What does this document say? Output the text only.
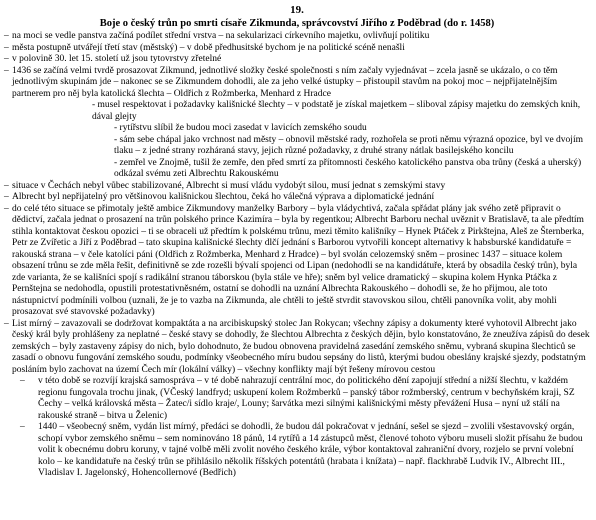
19.
Boje o český trůn po smrti císaře Zikmunda, správcovství Jiřího z Poděbrad (do r. 1458)
– na moci se vedle panstva začíná podílet střední vrstva – na sekularizaci církevního majetku, ovlivňují politiku
– města postupně utvářejí třetí stav (městský) – v době předhusitské bychom je na politické scéně nenašli
– v polovině 30. let 15. století už jsou tytovrstvy zřetelné
– 1436 se začíná velmi tvrdě prosazovat Zikmund, jednotlivé složky české společnosti s ním začaly vyjednávat – zcela jasně se ukázalo, o co těm jednotlivým skupinám jde – nakonec se se Zikmundem dohodli, ale za jeho velké ústupky – přistoupil stavům na pokoj moc – nejpřijatelnějším partnerem pro něj byla katolická šlechta – Oldřich z Rožmberka, Menhard z Hradce
- musel respektovat i požadavky kališnické šlechty – v podstatě je získal majetkem – sliboval zápisy majetku do zemských knih, dával glejty
- rytířstvu slíbil že budou moci zasedat v lavicích zemského soudu
- sám sebe chápal jako vrchnost nad městy – obnovil městské rady, rozhořela se proti němu výrazná opozice, byl ve dvojím tlaku – z jedné strany rozháraná stavy, jejich různé požadavky, z druhé strany nátlak basilejského koncilu
- zemřel ve Znojmě, tušil že zemře, den před smrtí za přítomnosti českého katolického panstva oba trůny (česká a uherský) odkázal svému zeti Albrechtu Rakouskému
– situace v Čechách nebyl vůbec stabilizované, Albrecht si musí vládu vydobýt silou, musí jednat s zemskými stavy
– Albrecht byl nepřijatelný pro většinovou kališnickou šlechtou, čeká ho válečná výprava a diplomatické jednání
– do celé této situace se přimotaly ještě ambice Zikmundovy manželky Barbory – byla vládychtivá, začala spřádat plány jak svého zetě připravit o dědictví, začala jednat o prosazení na trůn polského prince Kazimíra – byla by regentkou; Albrecht Barboru nechal uvěznit v Bratislavě, ta ale předtím stihla kontaktovat českou opozici – ti se obraceli už předtím k polskému trůnu, mezi těmito kališníky – Hynek Ptáček z Pirkštejna, Aleš ze Šternberka, Petr ze Zvířetic a Jiří z Poděbrad – tato skupina kališnické šlechty dlčí jednání s Barborou vytvořili koncept alternativy k habsburské kandidatuře = rakouská strana – v čele katolíci páni (Oldřich z Rožmberka, Menhard z Hradce) – byl svolán celozemský sněm – prosinec 1437 – situace kolem obsazení trůnu se zde měla řešit, definitivně se zde rozešli bývalí spojenci od Lipan (nedohodli se na kandidátuře, která by obsadila český trůn), byla zde varianta, že se kališníci spojí s radikální stranou táborskou (byla stále ve hře); sněm byl velice dramatický – skupina kolem Hynka Ptáčka z Pernštejna se nedohodla, opustili protestativněsném, ostatní se dohodli na uznání Albrechta Rakouského – dohodli se, že ho přijmou, ale toto nástupnictví podmínili volbou (uznali, že je to vazba na Zikmunda, ale chtěli to ještě stvrdit stavovskou silou, chtěli panovníka volit, aby mohli prosazovat své stavovské požadavky)
– List mírný – zavazovali se dodržovat kompaktáta a na arcibiskupský stolec Jan Rokycan; všechny zápisy a dokumenty které vyhotovil Albrecht jako český král byly prohlášeny za neplatné – české stavy se dohodly, že šlechtou Albrechta z českých dějin, bylo konstatováno, že zneužíva zápisů do desek zemských – byly zastaveny zápisy do nich, bylo dohodnuto, že budou obnovena pravidelná zasedání zemského sněmu, vybraná skupina šlechticů se zasadí o obnovu fungování zemského soudu, podmínky všeobecného míru budou sepsány do listů, kterými budou obeslány krajské sjezdy, podstatným posláním bylo zachovat na území Čech mír (lokální války) – všechny konflikty mají být řešeny mírovou cestou
– v této době se rozvíjí krajská samospráva – v té době nahrazují centrální moc, do politického dění zapojují střední a nižší šlechtu, v každém regionu fungovala trochu jinak, (VČeský landfryd; uskupení kolem Rožmberků – panský tábor rožmberský, centrum v bechyňském kraji, SZ Čechy – velká královská města – Žatec/i sídlo kraje/, Louny; šarvátka mezi silnými kališnickými městy převážení Husa – nyní už stálí na rakouské straně – bitva u Želenic)
– 1440 – všeobecný sněm, vydán list mírný, předáci se dohodli, že budou dál pokračovat v jednání, sešel se sjezd – zvolili všestavovský orgán, schopí vybor zemského sněmu – sem nominováno 18 pánů, 14 rytířů a 14 zástupců měst, členové tohoto výboru museli složit přísahu že budou volit k obecnému dobru koruny, v tajné volbě měli zvolit nového českého krále, výbor kontaktoval zahraniční dvory, rozjelo se první volební kolo – ke kandidatuře na český trůn se přihlásilo několik říšských potentátů (hrabata i knížata) – např. flackhrabě Ludvik IV., Albrecht III., Vladislav I. Jagelonský, Hohencollernové (Bedřich)
